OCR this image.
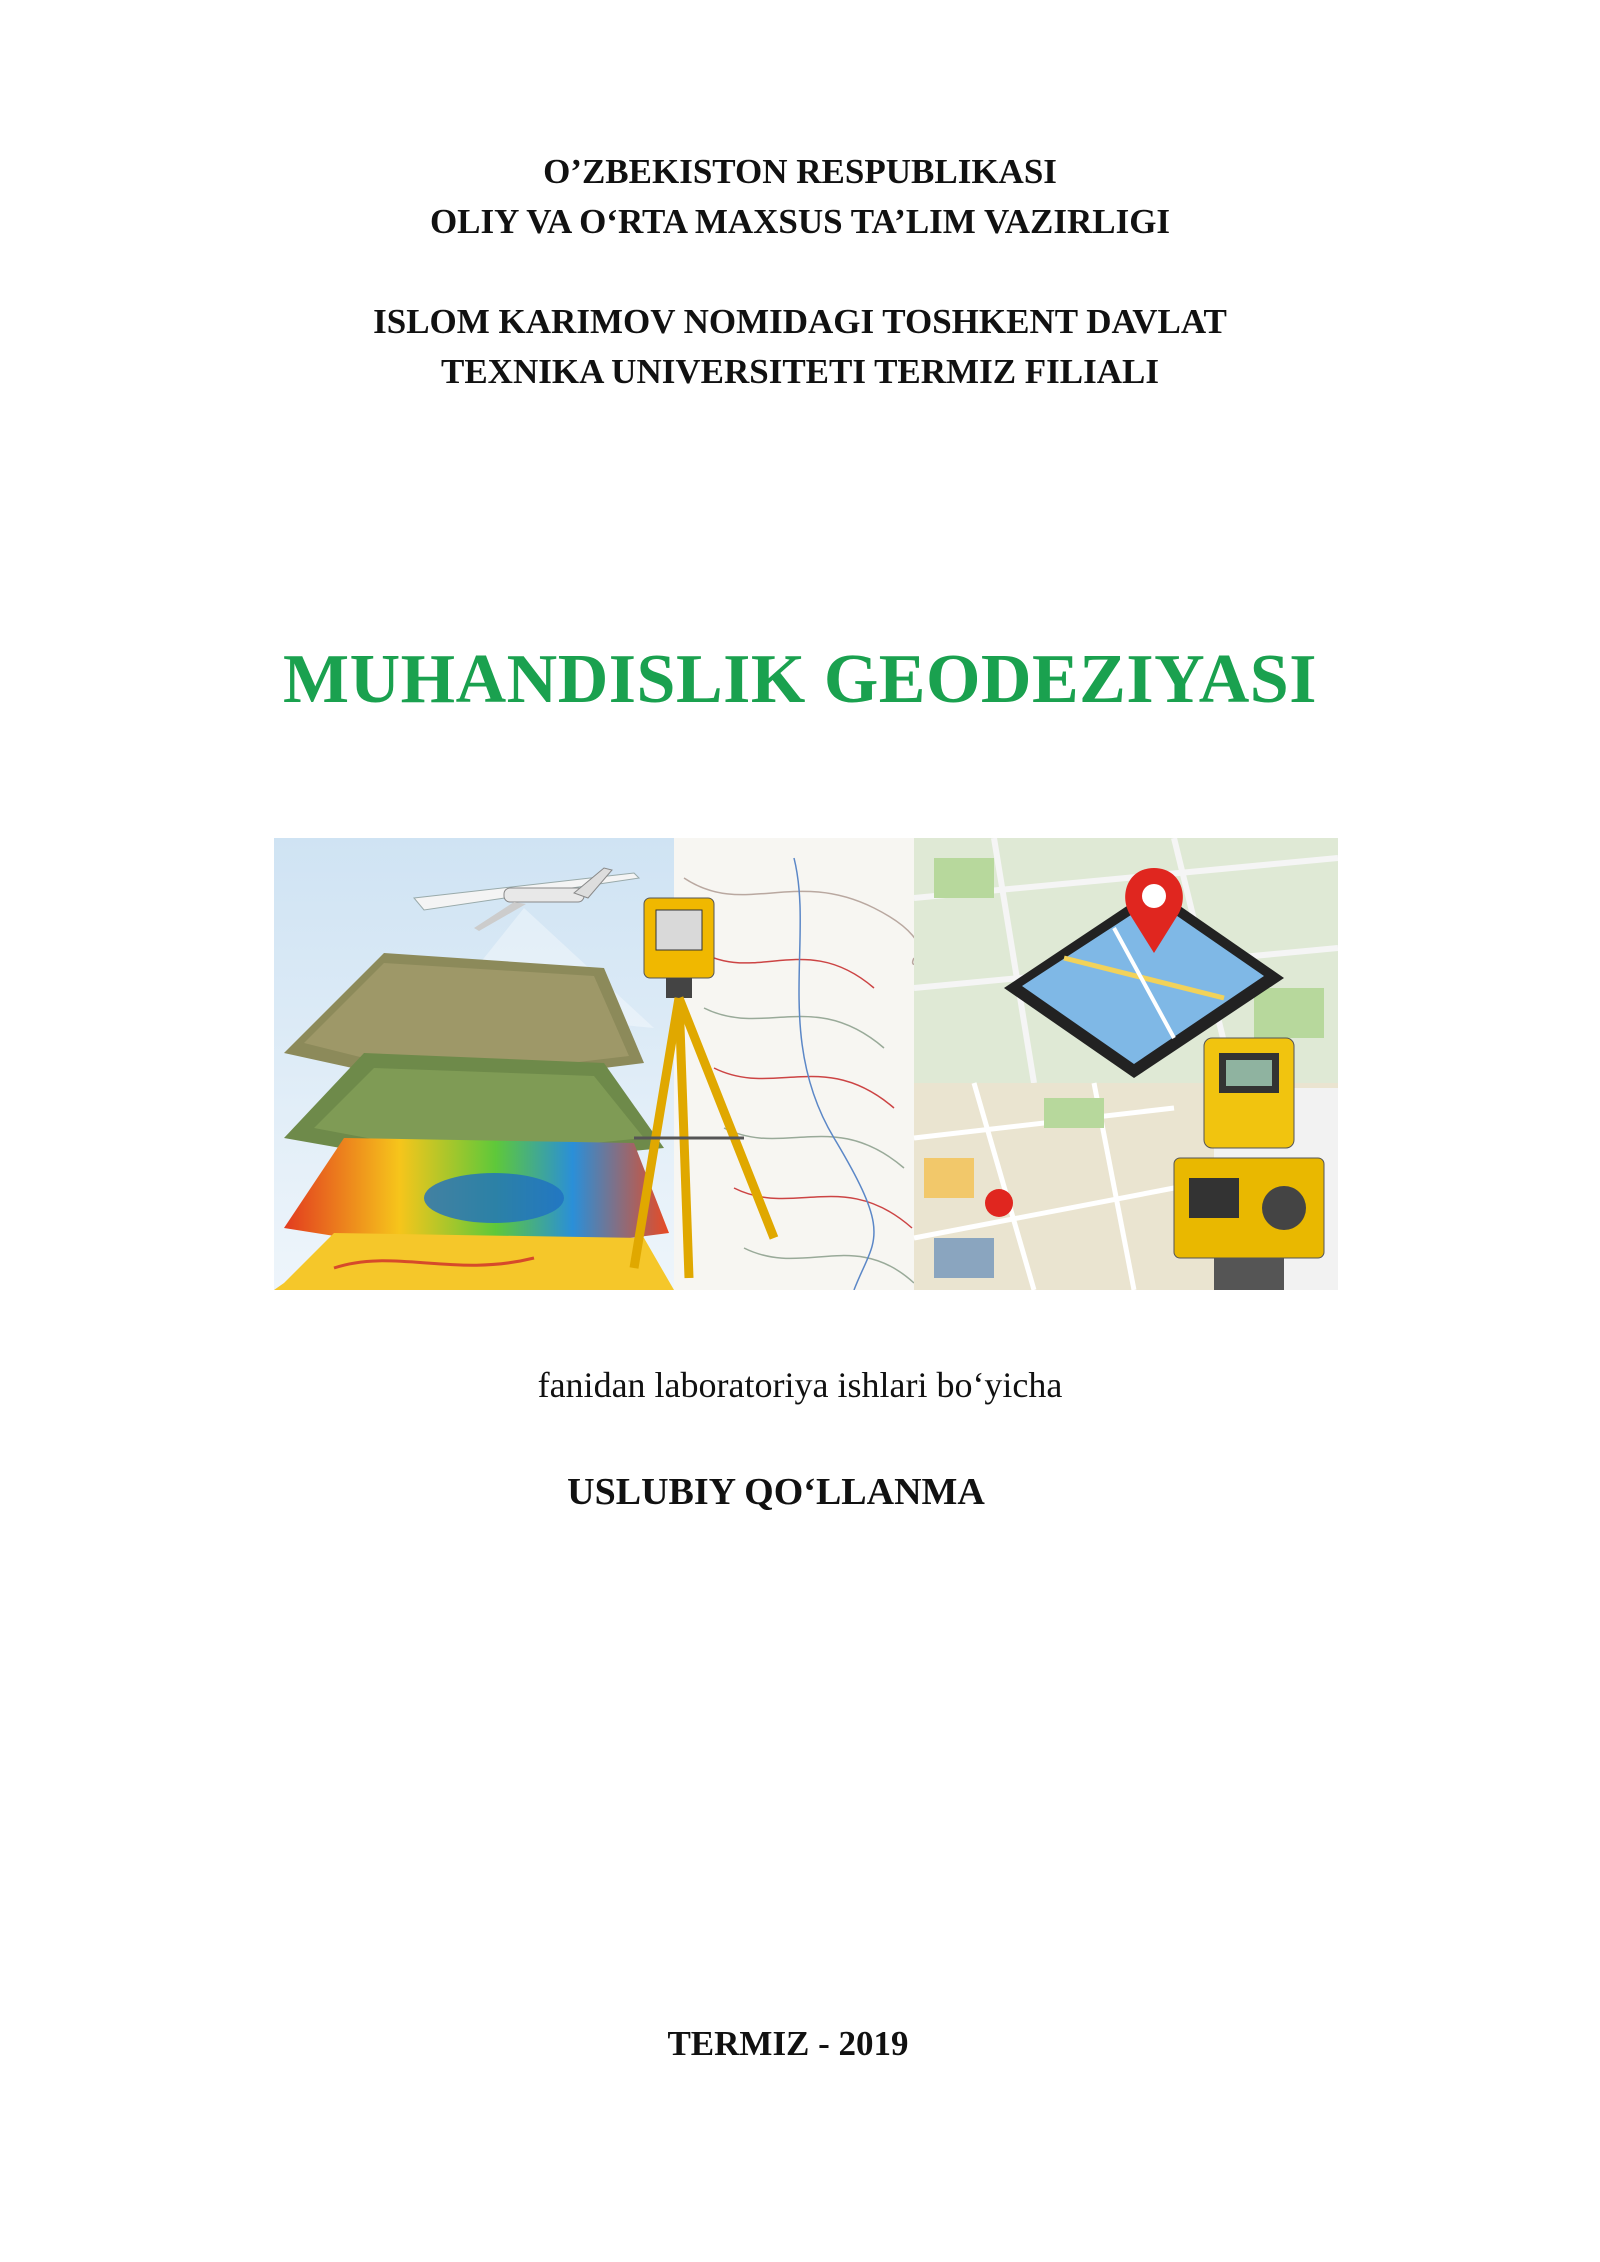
O’ZBEKISTON RESPUBLIKASI
OLIY VA O‘RTA MAXSUS TA’LIM VAZIRLIGI
ISLOM KARIMOV NOMIDAGI TOSHKENT DAVLAT
TEXNIKA UNIVERSITETI TERMIZ FILIALI
MUHANDISLIK GEODEZIYASI
fanidan laboratoriya ishlari bo‘yicha
USLUBIY QO‘LLANMA
TERMIZ - 2019
